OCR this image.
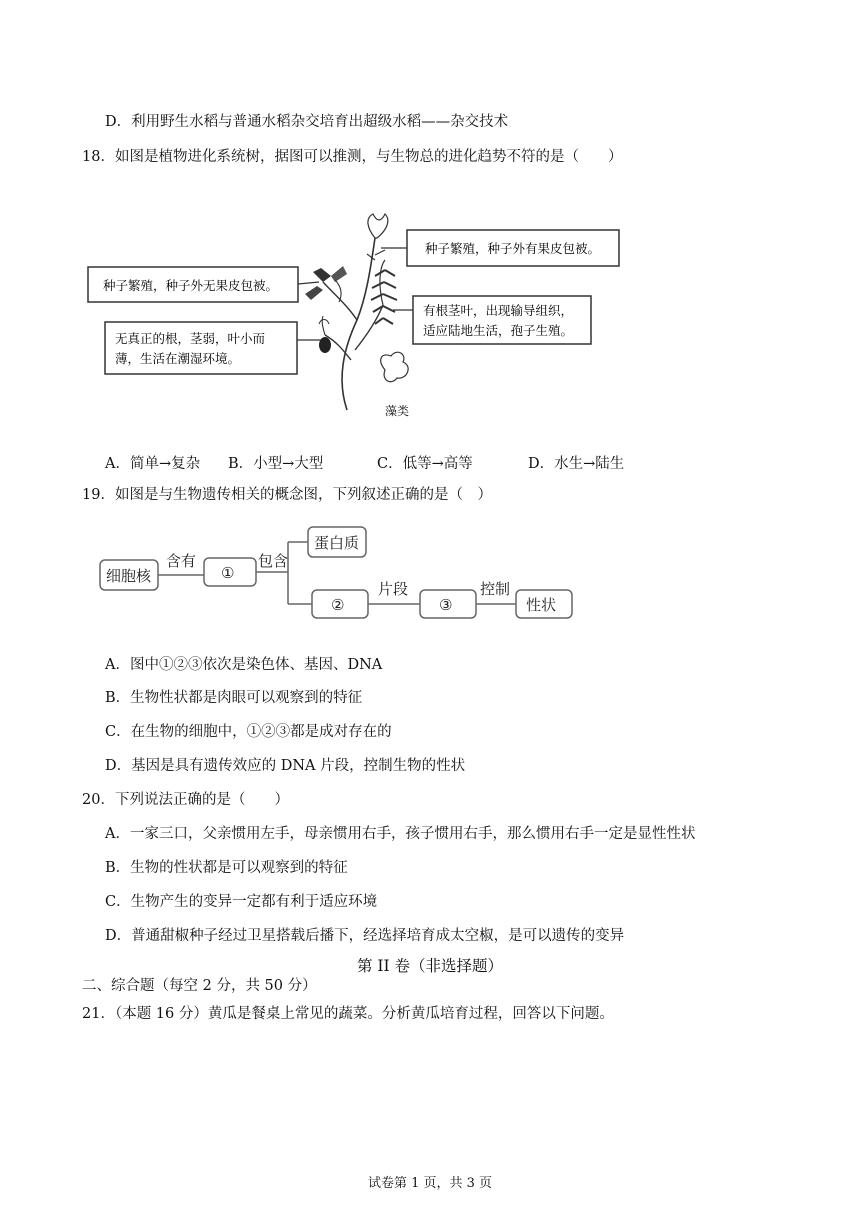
D．利用野生水稻与普通水稻杂交培育出超级水稻——杂交技术
18．如图是植物进化系统树，据图可以推测，与生物总的进化趋势不符的是（　　）
藻类
种子繁殖，种子外有果皮包被。
种子繁殖，种子外无果皮包被。
有根茎叶，出现输导组织，
适应陆地生活，孢子生殖。
无真正的根，茎弱，叶小而
薄，生活在潮湿环境。
A．简单→复杂 B．小型→大型	C．低等→高等	D．水生→陆生
19．如图是与生物遗传相关的概念图，下列叙述正确的是（　）
细胞核
含有
①
包含
蛋白质
②
片段
③
控制
性状
A．图中①②③依次是染色体、基因、DNA
B．生物性状都是肉眼可以观察到的特征
C．在生物的细胞中，①②③都是成对存在的
D．基因是具有遗传效应的 DNA 片段，控制生物的性状
20．下列说法正确的是（　　）
A．一家三口，父亲惯用左手，母亲惯用右手，孩子惯用右手，那么惯用右手一定是显性性状
B．生物的性状都是可以观察到的特征
C．生物产生的变异一定都有利于适应环境
D．普通甜椒种子经过卫星搭载后播下，经选择培育成太空椒，是可以遗传的变异
第 II 卷（非选择题）
二、综合题（每空 2 分，共 50 分）
21．（本题 16 分）黄瓜是餐桌上常见的蔬菜。分析黄瓜培育过程，回答以下问题。
试卷第 1 页，共 3 页
